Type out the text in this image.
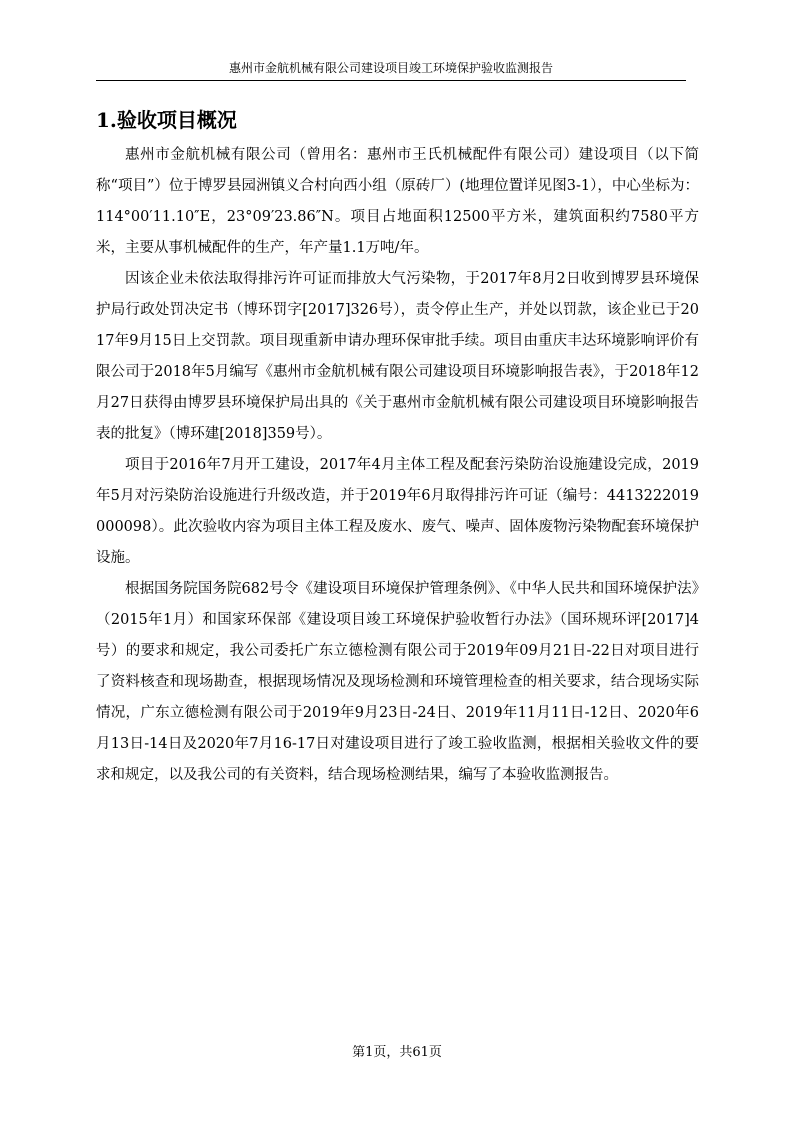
惠州市金航机械有限公司建设项目竣工环境保护验收监测报告
1.验收项目概况

惠州市金航机械有限公司（曾用名：惠州市王氏机械配件有限公司）建设项目（以下简称“项目”）位于博罗县园洲镇义合村向西小组（原砖厂）(地理位置详见图3-1），中心坐标为：114°00′11.10″E，23°09′23.86″N。项目占地面积12500平方米，建筑面积约7580平方米，主要从事机械配件的生产，年产量1.1万吨/年。

因该企业未依法取得排污许可证而排放大气污染物，于2017年8月2日收到博罗县环境保护局行政处罚决定书（博环罚字[2017]326号），责令停止生产，并处以罚款，该企业已于2017年9月15日上交罚款。项目现重新申请办理环保审批手续。项目由重庆丰达环境影响评价有限公司于2018年5月编写《惠州市金航机械有限公司建设项目环境影响报告表》，于2018年12月27日获得由博罗县环境保护局出具的《关于惠州市金航机械有限公司建设项目环境影响报告表的批复》（博环建[2018]359号）。

项目于2016年7月开工建设，2017年4月主体工程及配套污染防治设施建设完成，2019年5月对污染防治设施进行升级改造，并于2019年6月取得排污许可证（编号：4413222019000098）。此次验收内容为项目主体工程及废水、废气、噪声、固体废物污染物配套环境保护设施。

根据国务院国务院682号令《建设项目环境保护管理条例》、《中华人民共和国环境保护法》（2015年1月）和国家环保部《建设项目竣工环境保护验收暂行办法》（国环规环评[2017]4号）的要求和规定，我公司委托广东立德检测有限公司于2019年09月21日-22日对项目进行了资料核查和现场勘查，根据现场情况及现场检测和环境管理检查的相关要求，结合现场实际情况，广东立德检测有限公司于2019年9月23日-24日、2019年11月11日-12日、2020年6月13日-14日及2020年7月16-17日对建设项目进行了竣工验收监测，根据相关验收文件的要求和规定，以及我公司的有关资料，结合现场检测结果，编写了本验收监测报告。

第1页，共61页
